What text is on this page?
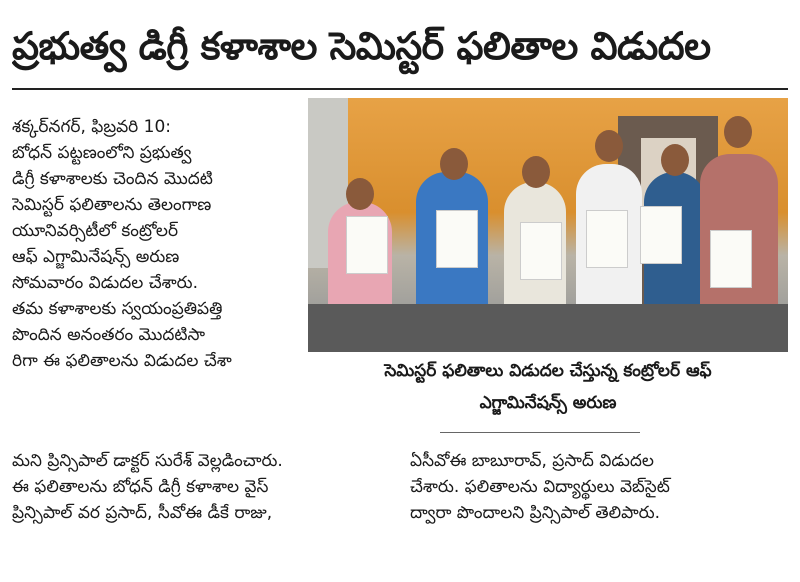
ప్రభుత్వ డిగ్రీ కళాశాల సెమిస్టర్ ఫలితాల విడుదల
శక్కర్‌నగర్, ఫిబ్రవరి 10:
బోధన్ పట్టణంలోని ప్రభుత్వ
డిగ్రీ కళాశాలకు చెందిన మొదటి
సెమిస్టర్ ఫలితాలను తెలంగాణ
యూనివర్సిటీలో కంట్రోలర్
ఆఫ్ ఎగ్జామినేషన్స్ అరుణ
సోమవారం విడుదల చేశారు.
తమ కళాశాలకు స్వయంప్రతిపత్తి
పొందిన అనంతరం మొదటిసా
రిగా ఈ ఫలితాలను విడుదల చేశా	సెమిస్టర్ ఫలితాలు విడుదల చేస్తున్న కంట్రోలర్ ఆఫ్
ఎగ్జామినేషన్స్ అరుణ
మని ప్రిన్సిపాల్ డాక్టర్ సురేశ్ వెల్లడించారు.
ఈ ఫలితాలను బోధన్ డిగ్రీ కళాశాల వైస్
ప్రిన్సిపాల్ వర ప్రసాద్, సీవోఈ డీకే రాజు,
ఏసీవోఈ బాబూరావ్, ప్రసాద్ విడుదల
చేశారు. ఫలితాలను విద్యార్థులు వెబ్‌సైట్
ద్వారా పొందాలని ప్రిన్సిపాల్ తెలిపారు.
